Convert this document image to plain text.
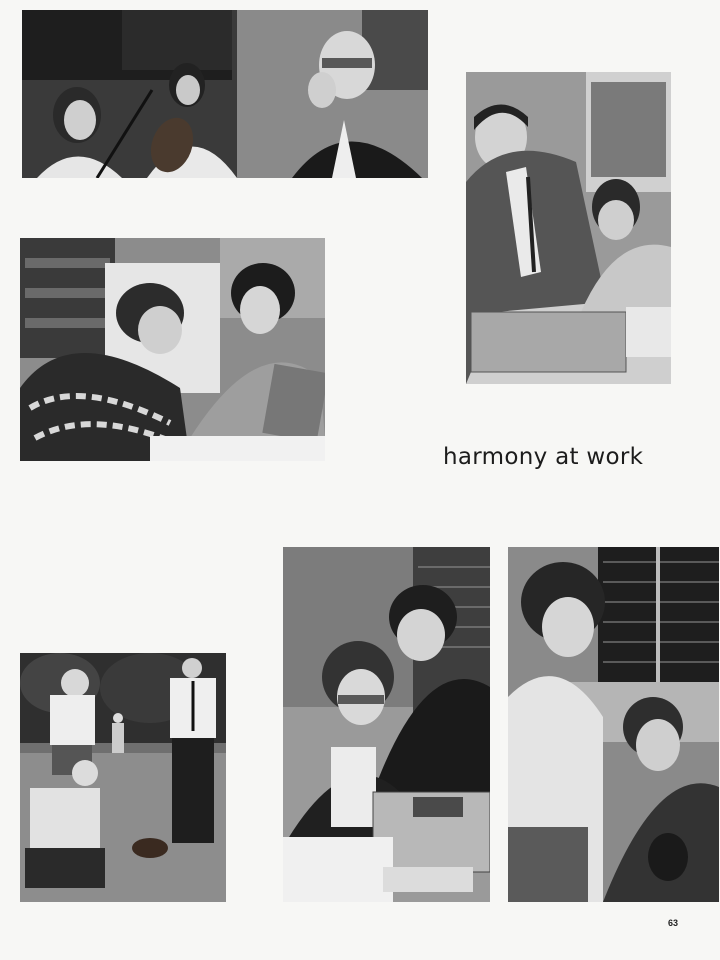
harmony at work
63
